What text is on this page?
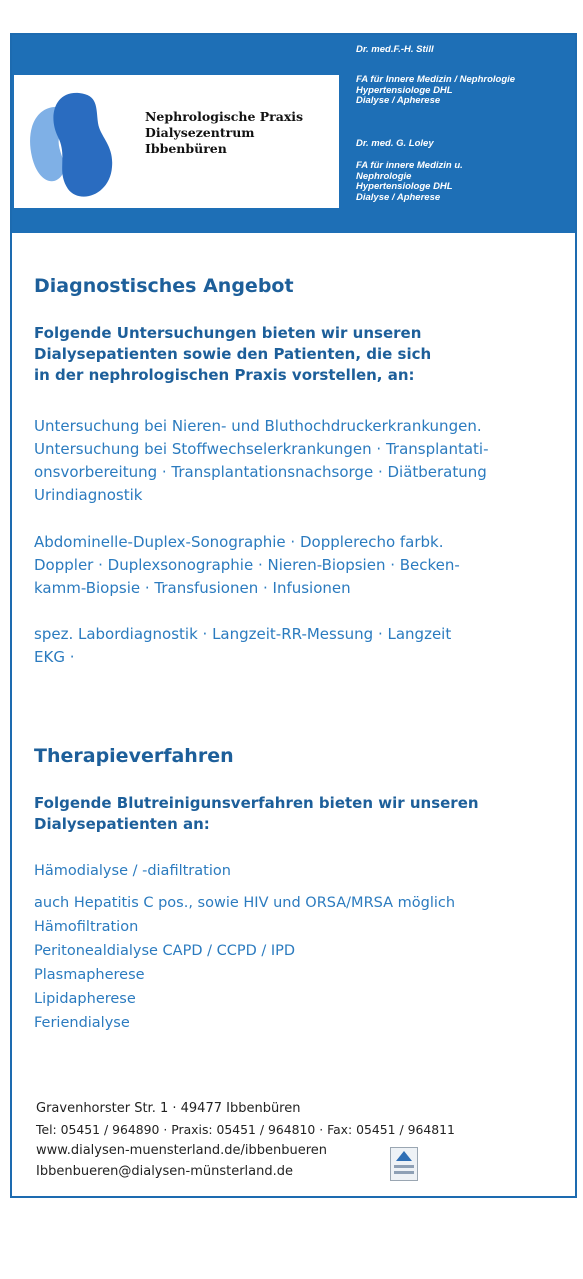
Nephrologische Praxis
Dialysezentrum
Ibbenbüren
Dr. med.F.-H. Still
FA für Innere Medizin / Nephrologie
Hypertensiologe DHL
Dialyse / Apherese
Dr. med. G. Loley
FA für innere Medizin u.
Nephrologie
Hypertensiologe DHL
Dialyse / Apherese
Diagnostisches Angebot
Folgende Untersuchungen bieten wir unseren
Dialysepatienten sowie den Patienten, die sich
in der nephrologischen Praxis vorstellen, an:
Untersuchung bei Nieren- und Bluthochdruckerkrankungen.
Untersuchung bei Stoffwechselerkrankungen · Transplantati-
onsvorbereitung · Transplantationsnachsorge · Diätberatung
Urindiagnostik
Abdominelle-Duplex-Sonographie · Dopplerecho farbk.
Doppler · Duplexsonographie · Nieren-Biopsien · Becken-
kamm-Biopsie · Transfusionen · Infusionen
spez. Labordiagnostik · Langzeit-RR-Messung · Langzeit
EKG ·
Therapieverfahren
Folgende Blutreinigunsverfahren bieten wir unseren
Dialysepatienten an:
Hämodialyse / -diafiltration
auch Hepatitis C pos., sowie HIV und ORSA/MRSA möglich
Hämofiltration
Peritonealdialyse CAPD / CCPD / IPD
Plasmapherese
Lipidapherese
Feriendialyse
Gravenhorster Str. 1 · 49477 Ibbenbüren
Tel: 05451 / 964890 · Praxis: 05451 / 964810 · Fax: 05451 / 964811
www.dialysen-muensterland.de/ibbenbueren
Ibbenbueren@dialysen-münsterland.de
